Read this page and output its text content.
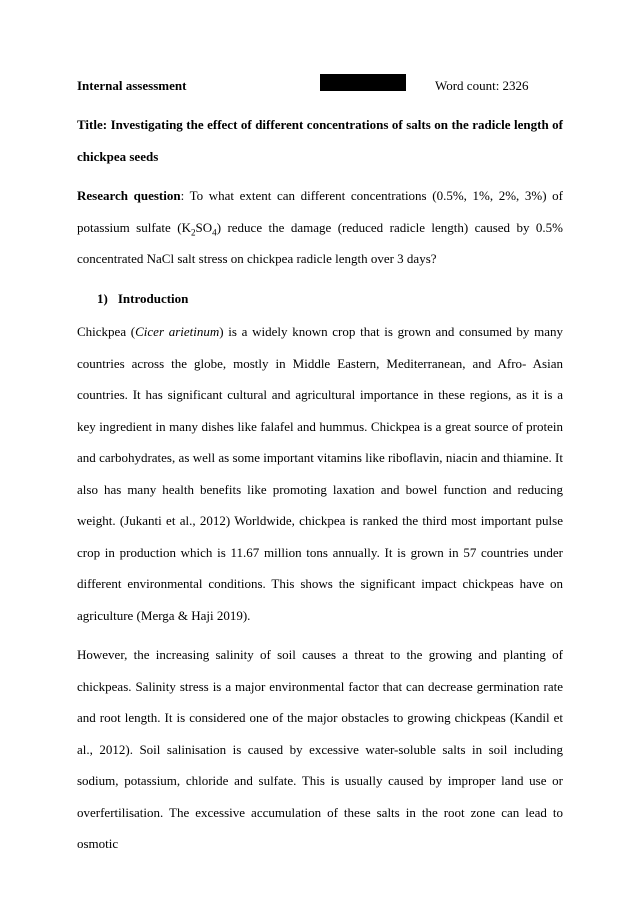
Internal assessment	Word count: 2326

Title: Investigating the effect of different concentrations of salts on the radicle length of chickpea seeds

Research question: To what extent can different concentrations (0.5%, 1%, 2%, 3%) of potassium sulfate $(K_2SO_4)$ reduce the damage (reduced radicle length) caused by 0.5% concentrated NaCl salt stress on chickpea radicle length over 3 days?

1) Introduction

Chickpea (Cicer arietinum) is a widely known crop that is grown and consumed by many countries across the globe, mostly in Middle Eastern, Mediterranean, and Afro- Asian countries. It has significant cultural and agricultural importance in these regions, as it is a key ingredient in many dishes like falafel and hummus. Chickpea is a great source of protein and carbohydrates, as well as some important vitamins like riboflavin, niacin and thiamine. It also has many health benefits like promoting laxation and bowel function and reducing weight. (Jukanti et al., 2012) Worldwide, chickpea is ranked the third most important pulse crop in production which is 11.67 million tons annually. It is grown in 57 countries under different environmental conditions. This shows the significant impact chickpeas have on agriculture (Merga & Haji 2019).

However, the increasing salinity of soil causes a threat to the growing and planting of chickpeas. Salinity stress is a major environmental factor that can decrease germination rate and root length. It is considered one of the major obstacles to growing chickpeas (Kandil et al., 2012). Soil salinisation is caused by excessive water-soluble salts in soil including sodium, potassium, chloride and sulfate. This is usually caused by improper land use or overfertilisation. The excessive accumulation of these salts in the root zone can lead to osmotic
